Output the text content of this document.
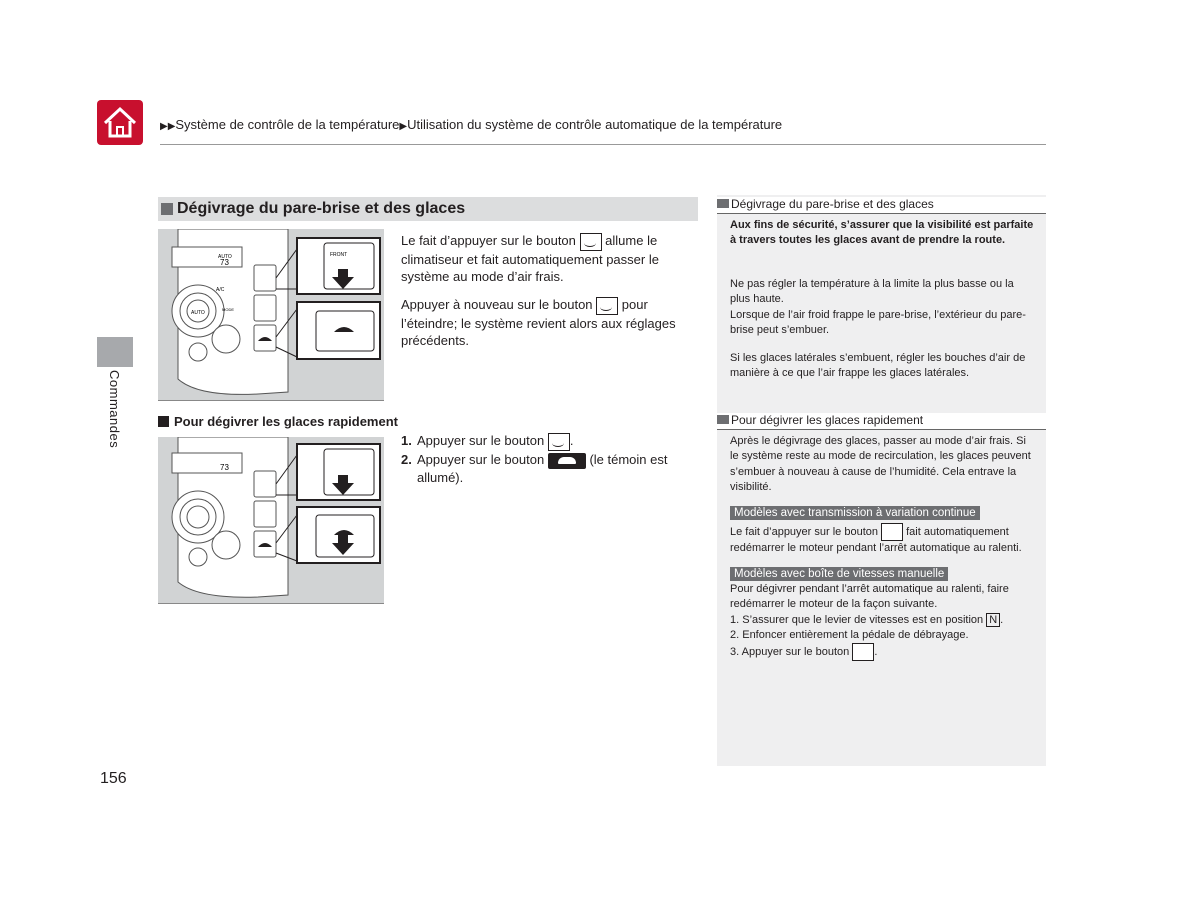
▶▶Système de contrôle de la température▶Utilisation du système de contrôle automatique de la température
Commandes
156
Dégivrage du pare-brise et des glaces
AUTO
73
AUTO
A/C
MODE
FRONT
Le fait d’appuyer sur le bouton allume le climatiseur et fait automatiquement passer le système au mode d’air frais.
Appuyer à nouveau sur le bouton pour l’éteindre; le système revient alors aux réglages précédents.
Pour dégivrer les glaces rapidement
73
1. Appuyer sur le bouton .
2. Appuyer sur le bouton	(le témoin est allumé).
Dégivrage du pare-brise et des glaces
Aux fins de sécurité, s’assurer que la visibilité est parfaite à travers toutes les glaces avant de prendre la route.
Ne pas régler la température à la limite la plus basse ou la plus haute.
Lorsque de l’air froid frappe le pare-brise, l’extérieur du pare-brise peut s’embuer.
Si les glaces latérales s’embuent, régler les bouches d’air de manière à ce que l’air frappe les glaces latérales.
Pour dégivrer les glaces rapidement
Après le dégivrage des glaces, passer au mode d’air frais. Si le système reste au mode de recirculation, les glaces peuvent s’embuer à nouveau à cause de l’humidité. Cela entrave la visibilité.
Modèles avec transmission à variation continue
Le fait d’appuyer sur le bouton	fait automatiquement redémarrer le moteur pendant l’arrêt automatique au ralenti.
Modèles avec boîte de vitesses manuelle
Pour dégivrer pendant l’arrêt automatique au ralenti, faire redémarrer le moteur de la façon suivante.
1. S’assurer que le levier de vitesses est en position N .
2. Enfoncer entièrement la pédale de débrayage.
3. Appuyer sur le bouton .
